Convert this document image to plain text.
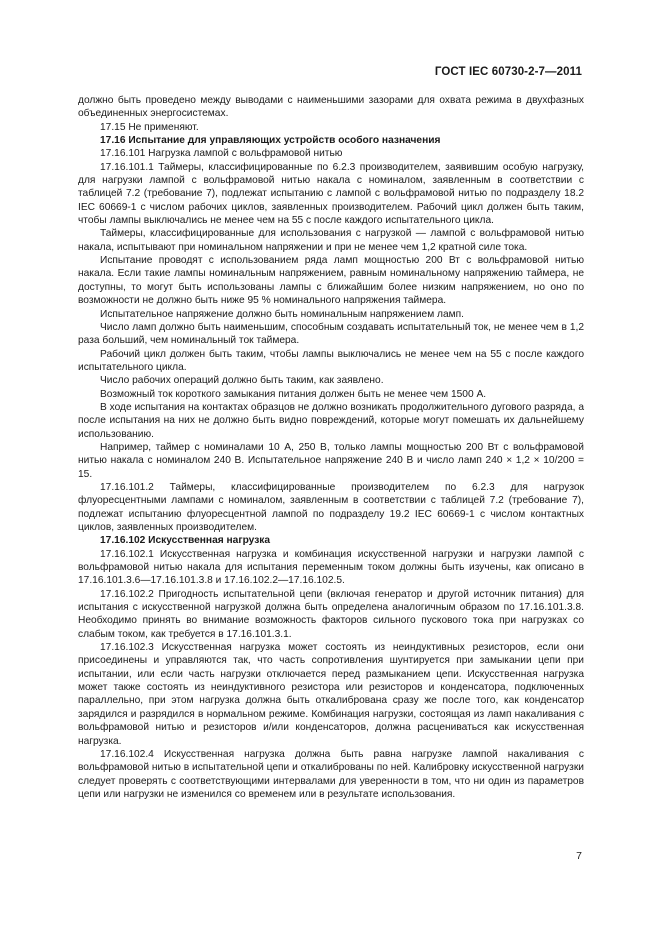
ГОСТ IEC 60730-2-7—2011

должно быть проведено между выводами с наименьшими зазорами для охвата режима в двухфазных объединенных энергосистемах.

17.15 Не применяют.

17.16 Испытание для управляющих устройств особого назначения

17.16.101 Нагрузка лампой с вольфрамовой нитью

17.16.101.1 Таймеры, классифицированные по 6.2.3 производителем, заявившим особую нагрузку, для нагрузки лампой с вольфрамовой нитью накала с номиналом, заявленным в соответствии с таблицей 7.2 (требование 7), подлежат испытанию с лампой с вольфрамовой нитью по подразделу 18.2 IEC 60669-1 с числом рабочих циклов, заявленных производителем. Рабочий цикл должен быть таким, чтобы лампы выключались не менее чем на 55 с после каждого испытательного цикла.

Таймеры, классифицированные для использования с нагрузкой — лампой с вольфрамовой нитью накала, испытывают при номинальном напряжении и при не менее чем 1,2 кратной силе тока.

Испытание проводят с использованием ряда ламп мощностью 200 Вт с вольфрамовой нитью накала. Если такие лампы номинальным напряжением, равным номинальному напряжению таймера, не доступны, то могут быть использованы лампы с ближайшим более низким напряжением, но оно по возможности не должно быть ниже 95 % номинального напряжения таймера.

Испытательное напряжение должно быть номинальным напряжением ламп.

Число ламп должно быть наименьшим, способным создавать испытательный ток, не менее чем в 1,2 раза больший, чем номинальный ток таймера.

Рабочий цикл должен быть таким, чтобы лампы выключались не менее чем на 55 с после каждого испытательного цикла.

Число рабочих операций должно быть таким, как заявлено.

Возможный ток короткого замыкания питания должен быть не менее чем 1500 А.

В ходе испытания на контактах образцов не должно возникать продолжительного дугового разряда, а после испытания на них не должно быть видно повреждений, которые могут помешать их дальнейшему использованию.

Например, таймер с номиналами 10 А, 250 В, только лампы мощностью 200 Вт с вольфрамовой нитью накала с номиналом 240 В. Испытательное напряжение 240 В и число ламп 240 × 1,2 × 10/200 = 15.

17.16.101.2 Таймеры, классифицированные производителем по 6.2.3 для нагрузок флуоресцентными лампами с номиналом, заявленным в соответствии с таблицей 7.2 (требование 7), подлежат испытанию флуоресцентной лампой по подразделу 19.2 IEC 60669-1 с числом контактных циклов, заявленных производителем.

17.16.102 Искусственная нагрузка

17.16.102.1 Искусственная нагрузка и комбинация искусственной нагрузки и нагрузки лампой с вольфрамовой нитью накала для испытания переменным током должны быть изучены, как описано в 17.16.101.3.6—17.16.101.3.8 и 17.16.102.2—17.16.102.5.

17.16.102.2 Пригодность испытательной цепи (включая генератор и другой источник питания) для испытания с искусственной нагрузкой должна быть определена аналогичным образом по 17.16.101.3.8. Необходимо принять во внимание возможность факторов сильного пускового тока при нагрузках со слабым током, как требуется в 17.16.101.3.1.

17.16.102.3 Искусственная нагрузка может состоять из неиндуктивных резисторов, если они присоединены и управляются так, что часть сопротивления шунтируется при замыкании цепи при испытании, или если часть нагрузки отключается перед размыканием цепи. Искусственная нагрузка может также состоять из неиндуктивного резистора или резисторов и конденсатора, подключенных параллельно, при этом нагрузка должна быть откалибрована сразу же после того, как конденсатор зарядился и разрядился в нормальном режиме. Комбинация нагрузки, состоящая из ламп накаливания с вольфрамовой нитью и резисторов и/или конденсаторов, должна расцениваться как искусственная нагрузка.

17.16.102.4 Искусственная нагрузка должна быть равна нагрузке лампой накаливания с вольфрамовой нитью в испытательной цепи и откалиброваны по ней. Калибровку искусственной нагрузки следует проверять с соответствующими интервалами для уверенности в том, что ни один из параметров цепи или нагрузки не изменился со временем или в результате использования.

7
